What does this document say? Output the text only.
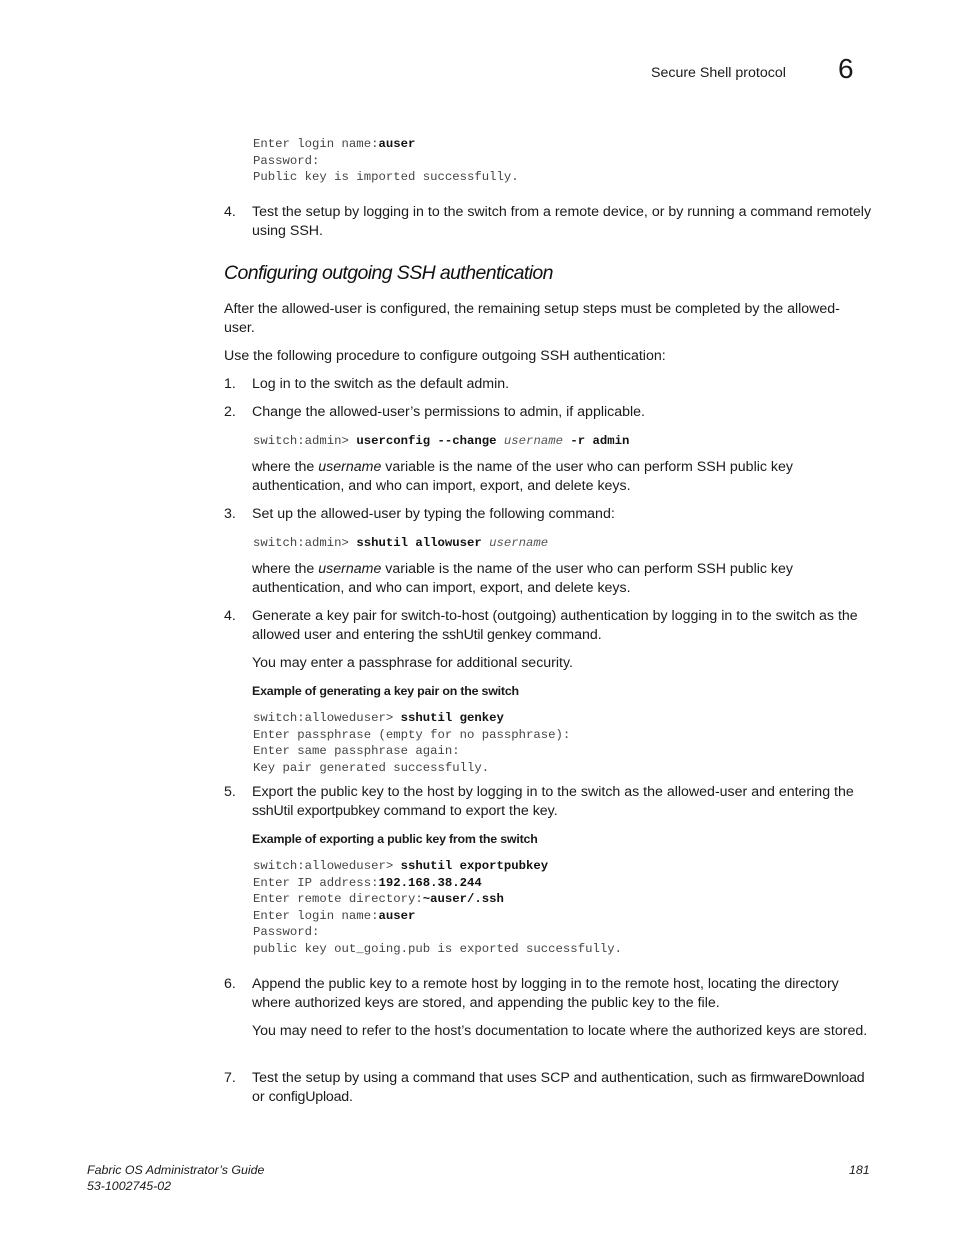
Secure Shell protocol 6
Enter login name:auser
Password:
Public key is imported successfully.
4. Test the setup by logging in to the switch from a remote device, or by running a command remotely using SSH.
Configuring outgoing SSH authentication
After the allowed-user is configured, the remaining setup steps must be completed by the allowed-user.
Use the following procedure to configure outgoing SSH authentication:
1. Log in to the switch as the default admin.
2. Change the allowed-user’s permissions to admin, if applicable.
switch:admin> userconfig --change username -r admin
where the username variable is the name of the user who can perform SSH public key authentication, and who can import, export, and delete keys.
3. Set up the allowed-user by typing the following command:
switch:admin> sshutil allowuser username
where the username variable is the name of the user who can perform SSH public key authentication, and who can import, export, and delete keys.
4. Generate a key pair for switch-to-host (outgoing) authentication by logging in to the switch as the allowed user and entering the sshUtil genkey command.
You may enter a passphrase for additional security.
Example of generating a key pair on the switch
switch:alloweduser> sshutil genkey
Enter passphrase (empty for no passphrase):
Enter same passphrase again:
Key pair generated successfully.
5. Export the public key to the host by logging in to the switch as the allowed-user and entering the sshUtil exportpubkey command to export the key.
Example of exporting a public key from the switch
switch:alloweduser> sshutil exportpubkey
Enter IP address:192.168.38.244
Enter remote directory:~auser/.ssh
Enter login name:auser
Password:
public key out_going.pub is exported successfully.
6. Append the public key to a remote host by logging in to the remote host, locating the directory where authorized keys are stored, and appending the public key to the file.
You may need to refer to the host’s documentation to locate where the authorized keys are stored.
7. Test the setup by using a command that uses SCP and authentication, such as firmwareDownload or configUpload.
Fabric OS Administrator’s Guide
53-1002745-02
181
